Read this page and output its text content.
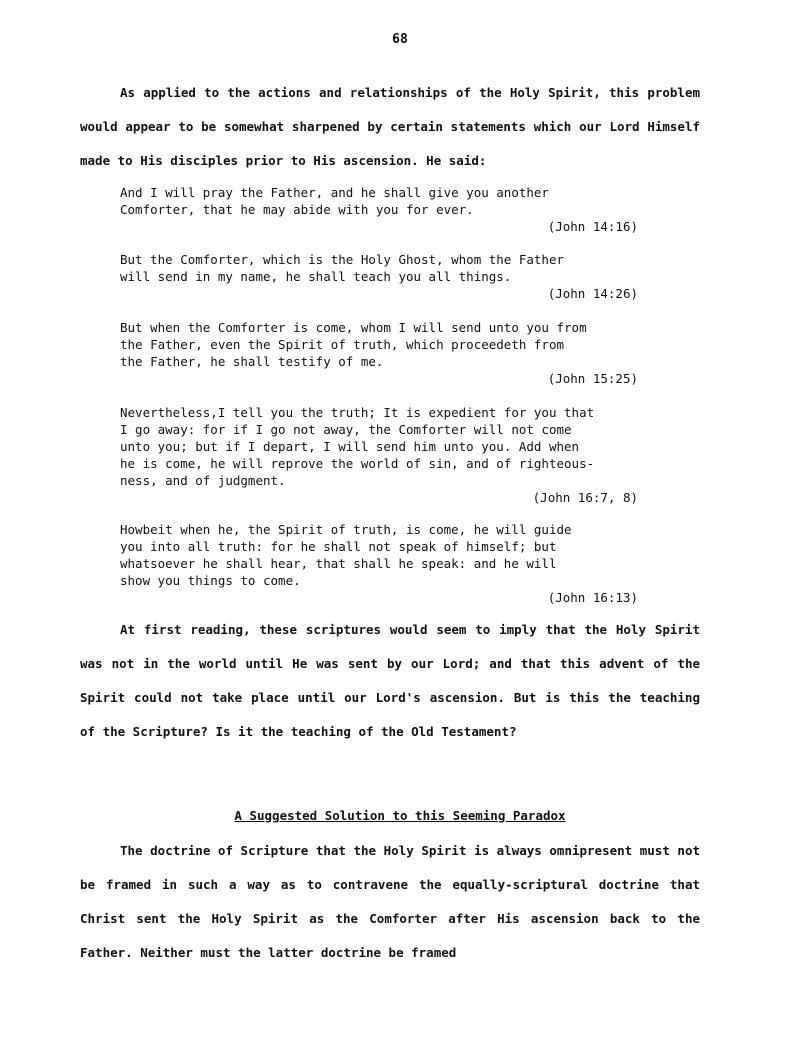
68

As applied to the actions and relationships of the Holy Spirit, this problem would appear to be somewhat sharpened by certain statements which our Lord Himself made to His disciples prior to His ascension. He said:

And I will pray the Father, and he shall give you another
Comforter, that he may abide with you for ever.
(John 14:16)
But the Comforter, which is the Holy Ghost, whom the Father
will send in my name, he shall teach you all things.
(John 14:26)
But when the Comforter is come, whom I will send unto you from
the Father, even the Spirit of truth, which proceedeth from
the Father, he shall testify of me.
(John 15:25)
Nevertheless,I tell you the truth; It is expedient for you that
I go away: for if I go not away, the Comforter will not come
unto you; but if I depart, I will send him unto you. Add when
he is come, he will reprove the world of sin, and of righteous-
ness, and of judgment.
(John 16:7, 8)
Howbeit when he, the Spirit of truth, is come, he will guide
you into all truth: for he shall not speak of himself; but
whatsoever he shall hear, that shall he speak: and he will
show you things to come.
(John 16:13)

At first reading, these scriptures would seem to imply that the Holy Spirit was not in the world until He was sent by our Lord; and that this advent of the Spirit could not take place until our Lord's ascension. But is this the teaching of the Scripture? Is it the teaching of the Old Testament?

A Suggested Solution to this Seeming Paradox

The doctrine of Scripture that the Holy Spirit is always omnipresent must not be framed in such a way as to contravene the equally-scriptural doctrine that Christ sent the Holy Spirit as the Comforter after His ascension back to the Father. Neither must the latter doctrine be framed
